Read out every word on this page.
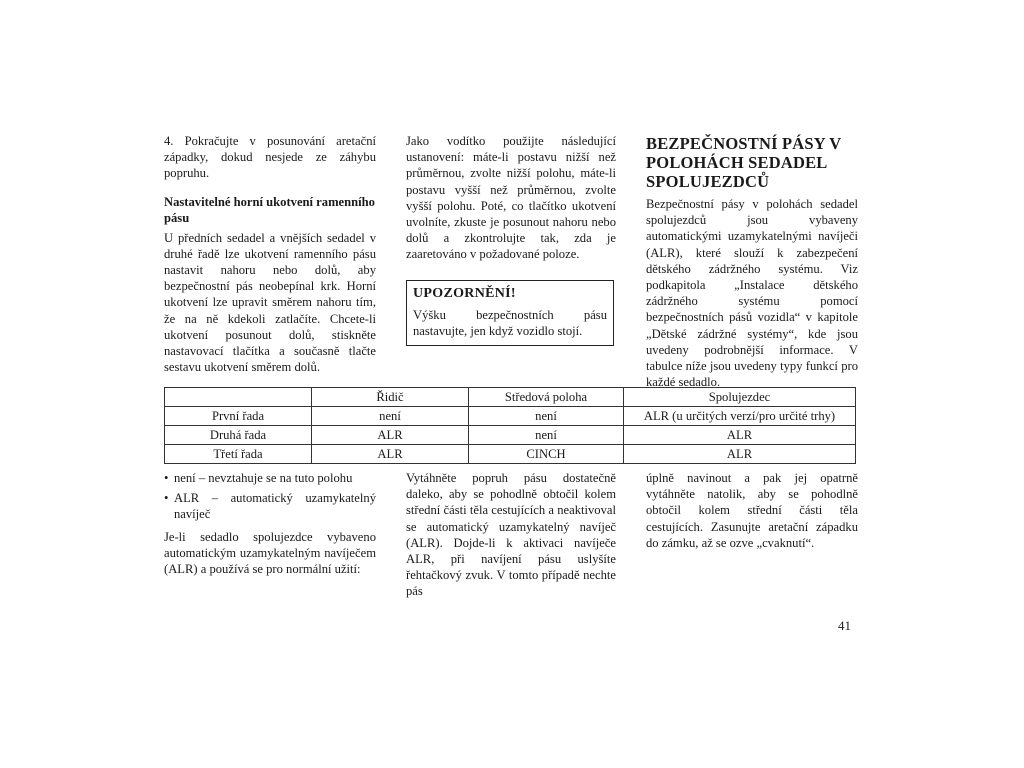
4. Pokračujte v posunování aretační západky, dokud nesjede ze záhybu popruhu.

Nastavitelné horní ukotvení ramenního pásu

U předních sedadel a vnějších sedadel v druhé řadě lze ukotvení ramenního pásu nastavit nahoru nebo dolů, aby bezpečnostní pás neobepínal krk. Horní ukotvení lze upravit směrem nahoru tím, že na ně kdekoli zatlačíte. Chcete-li ukotvení posunout dolů, stiskněte nastavovací tlačítka a současně tlačte sestavu ukotvení směrem dolů.

Jako vodítko použijte následující ustanovení: máte-li postavu nižší než průměrnou, zvolte nižší polohu, máte-li postavu vyšší než průměrnou, zvolte vyšší polohu. Poté, co tlačítko ukotvení uvolníte, zkuste je posunout nahoru nebo dolů a zkontrolujte tak, zda je zaaretováno v požadované poloze.

UPOZORNĚNÍ!

Výšku bezpečnostních pásu nastavujte, jen když vozidlo stojí.

BEZPEČNOSTNÍ PÁSY V POLOHÁCH SEDADEL SPOLUJEZDCŮ

Bezpečnostní pásy v polohách sedadel spolujezdců jsou vybaveny automatickými uzamykatelnými navíječi (ALR), které slouží k zabezpečení dětského zádržného systému. Viz podkapitola „Instalace dětského zádržného systému pomocí bezpečnostních pásů vozidla“ v kapitole „Dětské zádržné systémy“, kde jsou uvedeny podrobnější informace. V tabulce níže jsou uvedeny typy funkcí pro každé sedadlo.

	Řidič	Středová poloha	Spolujezdec
První řada	není	není	ALR (u určitých verzí/pro určité trhy)
Druhá řada	ALR	není	ALR
Třetí řada	ALR	CINCH	ALR
• není – nevztahuje se na tuto polohu
• ALR – automatický uzamykatelný navíječ

Je-li sedadlo spolujezdce vybaveno automatickým uzamykatelným navíječem (ALR) a používá se pro normální užití:

Vytáhněte popruh pásu dostatečně daleko, aby se pohodlně obtočil kolem střední části těla cestujících a neaktivoval se automatický uzamykatelný navíječ (ALR). Dojde-li k aktivaci navíječe ALR, při navíjení pásu uslyšíte řehtačkový zvuk. V tomto případě nechte pás

úplně navinout a pak jej opatrně vytáhněte natolik, aby se pohodlně obtočil kolem střední části těla cestujících. Zasunujte aretační západku do zámku, až se ozve „cvaknutí“.

41
